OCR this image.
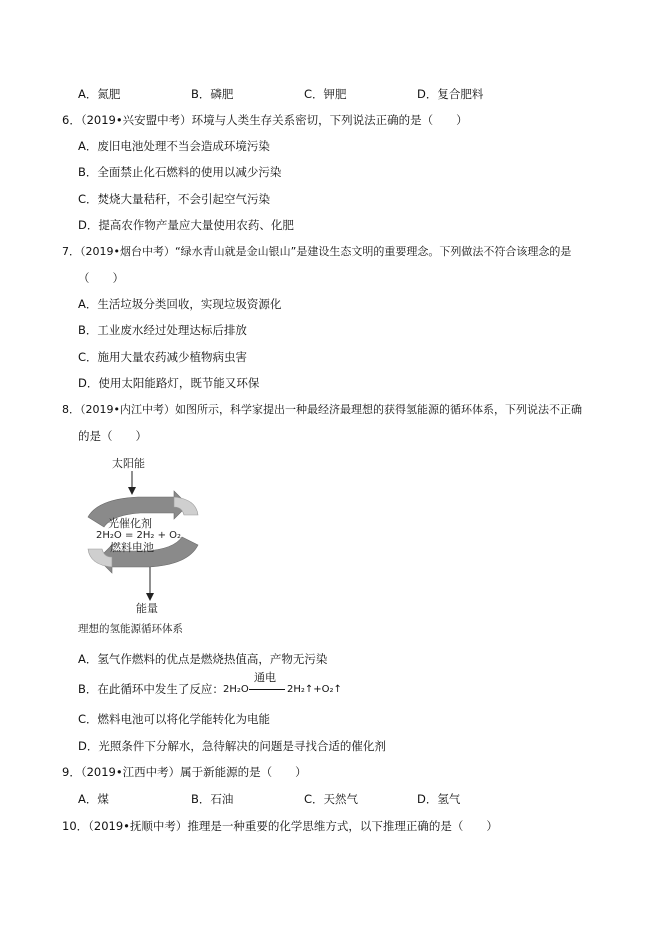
A．氮肥	B．磷肥	C．钾肥	D．复合肥料
6．（2019•兴安盟中考）环境与人类生存关系密切，下列说法正确的是（　　）
A．废旧电池处理不当会造成环境污染
B．全面禁止化石燃料的使用以减少污染
C．焚烧大量秸秆，不会引起空气污染
D．提高农作物产量应大量使用农药、化肥
7．（2019•烟台中考）“绿水青山就是金山银山”是建设生态文明的重要理念。下列做法不符合该理念的是
（　　）
A．生活垃圾分类回收，实现垃圾资源化
B．工业废水经过处理达标后排放
C．施用大量农药减少植物病虫害
D．使用太阳能路灯，既节能又环保
8．（2019•内江中考）如图所示，科学家提出一种最经济最理想的获得氢能源的循环体系，下列说法不正确
的是（　　）
太阳能
光催化剂
2H₂O = 2H₂ + O₂
燃料电池
能量
理想的氢能源循环体系
A．氢气作燃料的优点是燃烧热值高，产物无污染
B．在此循环中发生了反应： 2H₂O
通电
2H₂↑+O₂↑
C．燃料电池可以将化学能转化为电能
D．光照条件下分解水，急待解决的问题是寻找合适的催化剂
9．（2019•江西中考）属于新能源的是（　　）
A．煤	B．石油	C．天然气	D．氢气
10．（2019•抚顺中考）推理是一种重要的化学思维方式，以下推理正确的是（　　）
